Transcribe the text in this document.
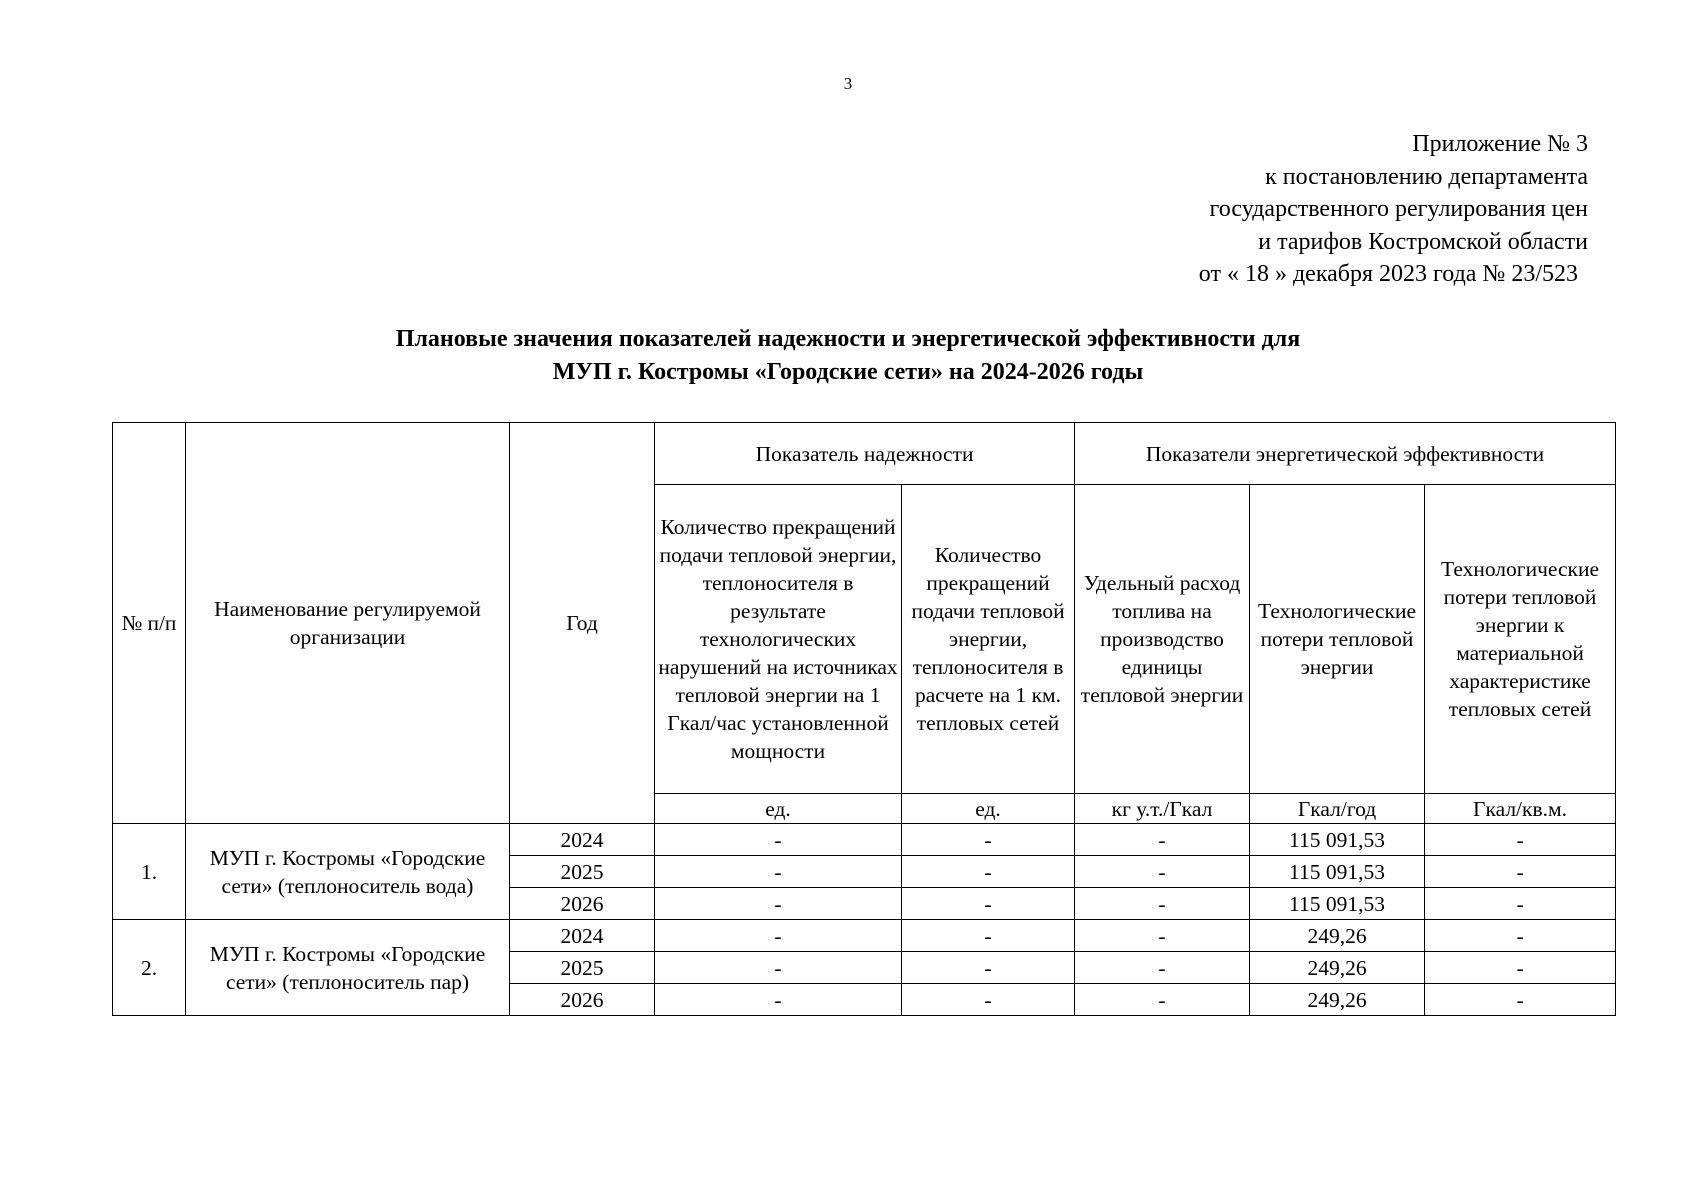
3
Приложение № 3
к постановлению департамента
государственного регулирования цен
и тарифов Костромской области
от « 18 » декабря 2023 года № 23/523
Плановые значения показателей надежности и энергетической эффективности для
МУП г. Костромы «Городские сети» на 2024-2026 годы
№ п/п	Наименование регулируемой организации	Год	Показатель надежности		Показатели энергетической эффективности		
			Количество прекращений подачи тепловой энергии, теплоносителя в результате технологических нарушений на источниках тепловой энергии на 1 Гкал/час установленной мощности	Количество прекращений подачи тепловой энергии, теплоносителя в расчете на 1 км. тепловых сетей	Удельный расход топлива на производство единицы тепловой энергии	Технологические потери тепловой энергии	Технологические потери тепловой энергии к материальной характеристике тепловых сетей
			ед.	ед.	кг у.т./Гкал	Гкал/год	Гкал/кв.м.
1.	МУП г. Костромы «Городские сети» (теплоноситель вода)	2024	-	-	-	115 091,53	-
		2025	-	-	-	115 091,53	-
		2026	-	-	-	115 091,53	-
2.	МУП г. Костромы «Городские сети» (теплоноситель пар)	2024	-	-	-	249,26	-
		2025	-	-	-	249,26	-
		2026	-	-	-	249,26	-
